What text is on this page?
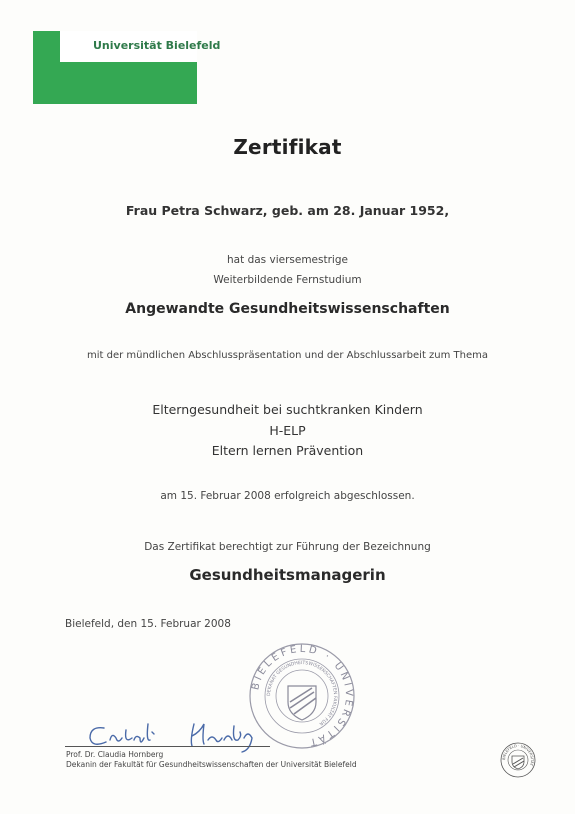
Universität Bielefeld
Zertifikat
Frau Petra Schwarz, geb. am 28. Januar 1952,
hat das viersemestrige
Weiterbildende Fernstudium
Angewandte Gesundheitswissenschaften
mit der mündlichen Abschlusspräsentation und der Abschlussarbeit zum Thema
Elterngesundheit bei suchtkranken Kindern
H-ELP
Eltern lernen Prävention
am 15. Februar 2008 erfolgreich abgeschlossen.
Das Zertifikat berechtigt zur Führung der Bezeichnung
Gesundheitsmanagerin
Bielefeld, den 15. Februar 2008
BIELEFELD · UNIVERSITÄT
DEKANAT GESUNDHEITSWISSENSCHAFTEN FAKULTÄT FÜR
Prof. Dr. Claudia Hornberg
Dekanin der Fakultät für Gesundheitswissenschaften der Universität Bielefeld
BIELEFELD · UNIVERSITÄT
